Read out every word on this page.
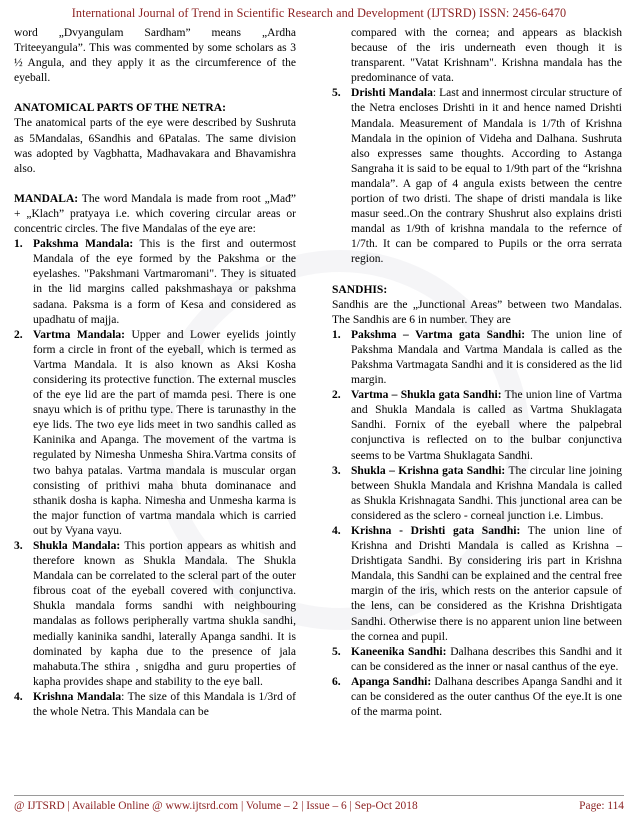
International Journal of Trend in Scientific Research and Development (IJTSRD) ISSN: 2456-6470

word „Dvyangulam Sardham” means „Ardha Triteeyangula”. This was commented by some scholars as 3 ½ Angula, and they apply it as the circumference of the eyeball.

ANATOMICAL PARTS OF THE NETRA:

The anatomical parts of the eye were described by Sushruta as 5Mandalas, 6Sandhis and 6Patalas. The same division was adopted by Vagbhatta, Madhavakara and Bhavamishra also.

MANDALA: The word Mandala is made from root „Mađ” + „Klach” pratyaya i.e. which covering circular areas or concentric circles. The five Mandalas of the eye are:

1. Pakshma Mandala: This is the first and outermost Mandala of the eye formed by the Pakshma or the eyelashes. "Pakshmani Vartmaromani". They is situated in the lid margins called pakshmashaya or pakshma sadana. Paksma is a form of Kesa and considered as upadhatu of majja.
2. Vartma Mandala: Upper and Lower eyelids jointly form a circle in front of the eyeball, which is termed as Vartma Mandala. It is also known as Aksi Kosha considering its protective function. The external muscles of the eye lid are the part of mamda pesi. There is one snayu which is of prithu type. There is tarunasthy in the eye lids. The two eye lids meet in two sandhis called as Kaninika and Apanga. The movement of the vartma is regulated by Nimesha Unmesha Shira.Vartma consits of two bahya patalas. Vartma mandala is muscular organ consisting of prithivi maha bhuta dominanace and sthanik dosha is kapha. Nimesha and Unmesha karma is the major function of vartma mandala which is carried out by Vyana vayu.
3. Shukla Mandala: This portion appears as whitish and therefore known as Shukla Mandala. The Shukla Mandala can be correlated to the scleral part of the outer fibrous coat of the eyeball covered with conjunctiva. Shukla mandala forms sandhi with neighbouring mandalas as follows peripherally vartma shukla sandhi, medially kaninika sandhi, laterally Apanga sandhi. It is dominated by kapha due to the presence of jala mahabuta.The sthira , snigdha and guru properties of kapha provides shape and stability to the eye ball.
4. Krishna Mandala: The size of this Mandala is 1/3rd of the whole Netra. This Mandala can be

compared with the cornea; and appears as blackish because of the iris underneath even though it is transparent. "Vatat Krishnam". Krishna mandala has the predominance of vata.

5. Drishti Mandala: Last and innermost circular structure of the Netra encloses Drishti in it and hence named Drishti Mandala. Measurement of Mandala is 1/7th of Krishna Mandala in the opinion of Videha and Dalhana. Sushruta also expresses same thoughts. According to Astanga Sangraha it is said to be equal to 1/9th part of the “krishna mandala”. A gap of 4 angula exists between the centre portion of two dristi. The shape of dristi mandala is like masur seed..On the contrary Shushrut also explains dristi mandal as 1/9th of krishna mandala to the refernce of 1/7th. It can be compared to Pupils or the orra serrata region.

SANDHIS:

Sandhis are the „Junctional Areas” between two Mandalas. The Sandhis are 6 in number. They are

1. Pakshma – Vartma gata Sandhi: The union line of Pakshma Mandala and Vartma Mandala is called as the Pakshma Vartmagata Sandhi and it is considered as the lid margin.
2. Vartma – Shukla gata Sandhi: The union line of Vartma and Shukla Mandala is called as Vartma Shuklagata Sandhi. Fornix of the eyeball where the palpebral conjunctiva is reflected on to the bulbar conjunctiva seems to be Vartma Shuklagata Sandhi.
3. Shukla – Krishna gata Sandhi: The circular line joining between Shukla Mandala and Krishna Mandala is called as Shukla Krishnagata Sandhi. This junctional area can be considered as the sclero - corneal junction i.e. Limbus.
4. Krishna - Drishti gata Sandhi: The union line of Krishna and Drishti Mandala is called as Krishna – Drishtigata Sandhi. By considering iris part in Krishna Mandala, this Sandhi can be explained and the central free margin of the iris, which rests on the anterior capsule of the lens, can be considered as the Krishna Drishtigata Sandhi. Otherwise there is no apparent union line between the cornea and pupil.
5. Kaneenika Sandhi: Dalhana describes this Sandhi and it can be considered as the inner or nasal canthus of the eye.
6. Apanga Sandhi: Dalhana describes Apanga Sandhi and it can be considered as the outer canthus Of the eye.It is one of the marma point.
@ IJTSRD | Available Online @ www.ijtsrd.com | Volume – 2 | Issue – 6 | Sep-Oct 2018	Page: 114
